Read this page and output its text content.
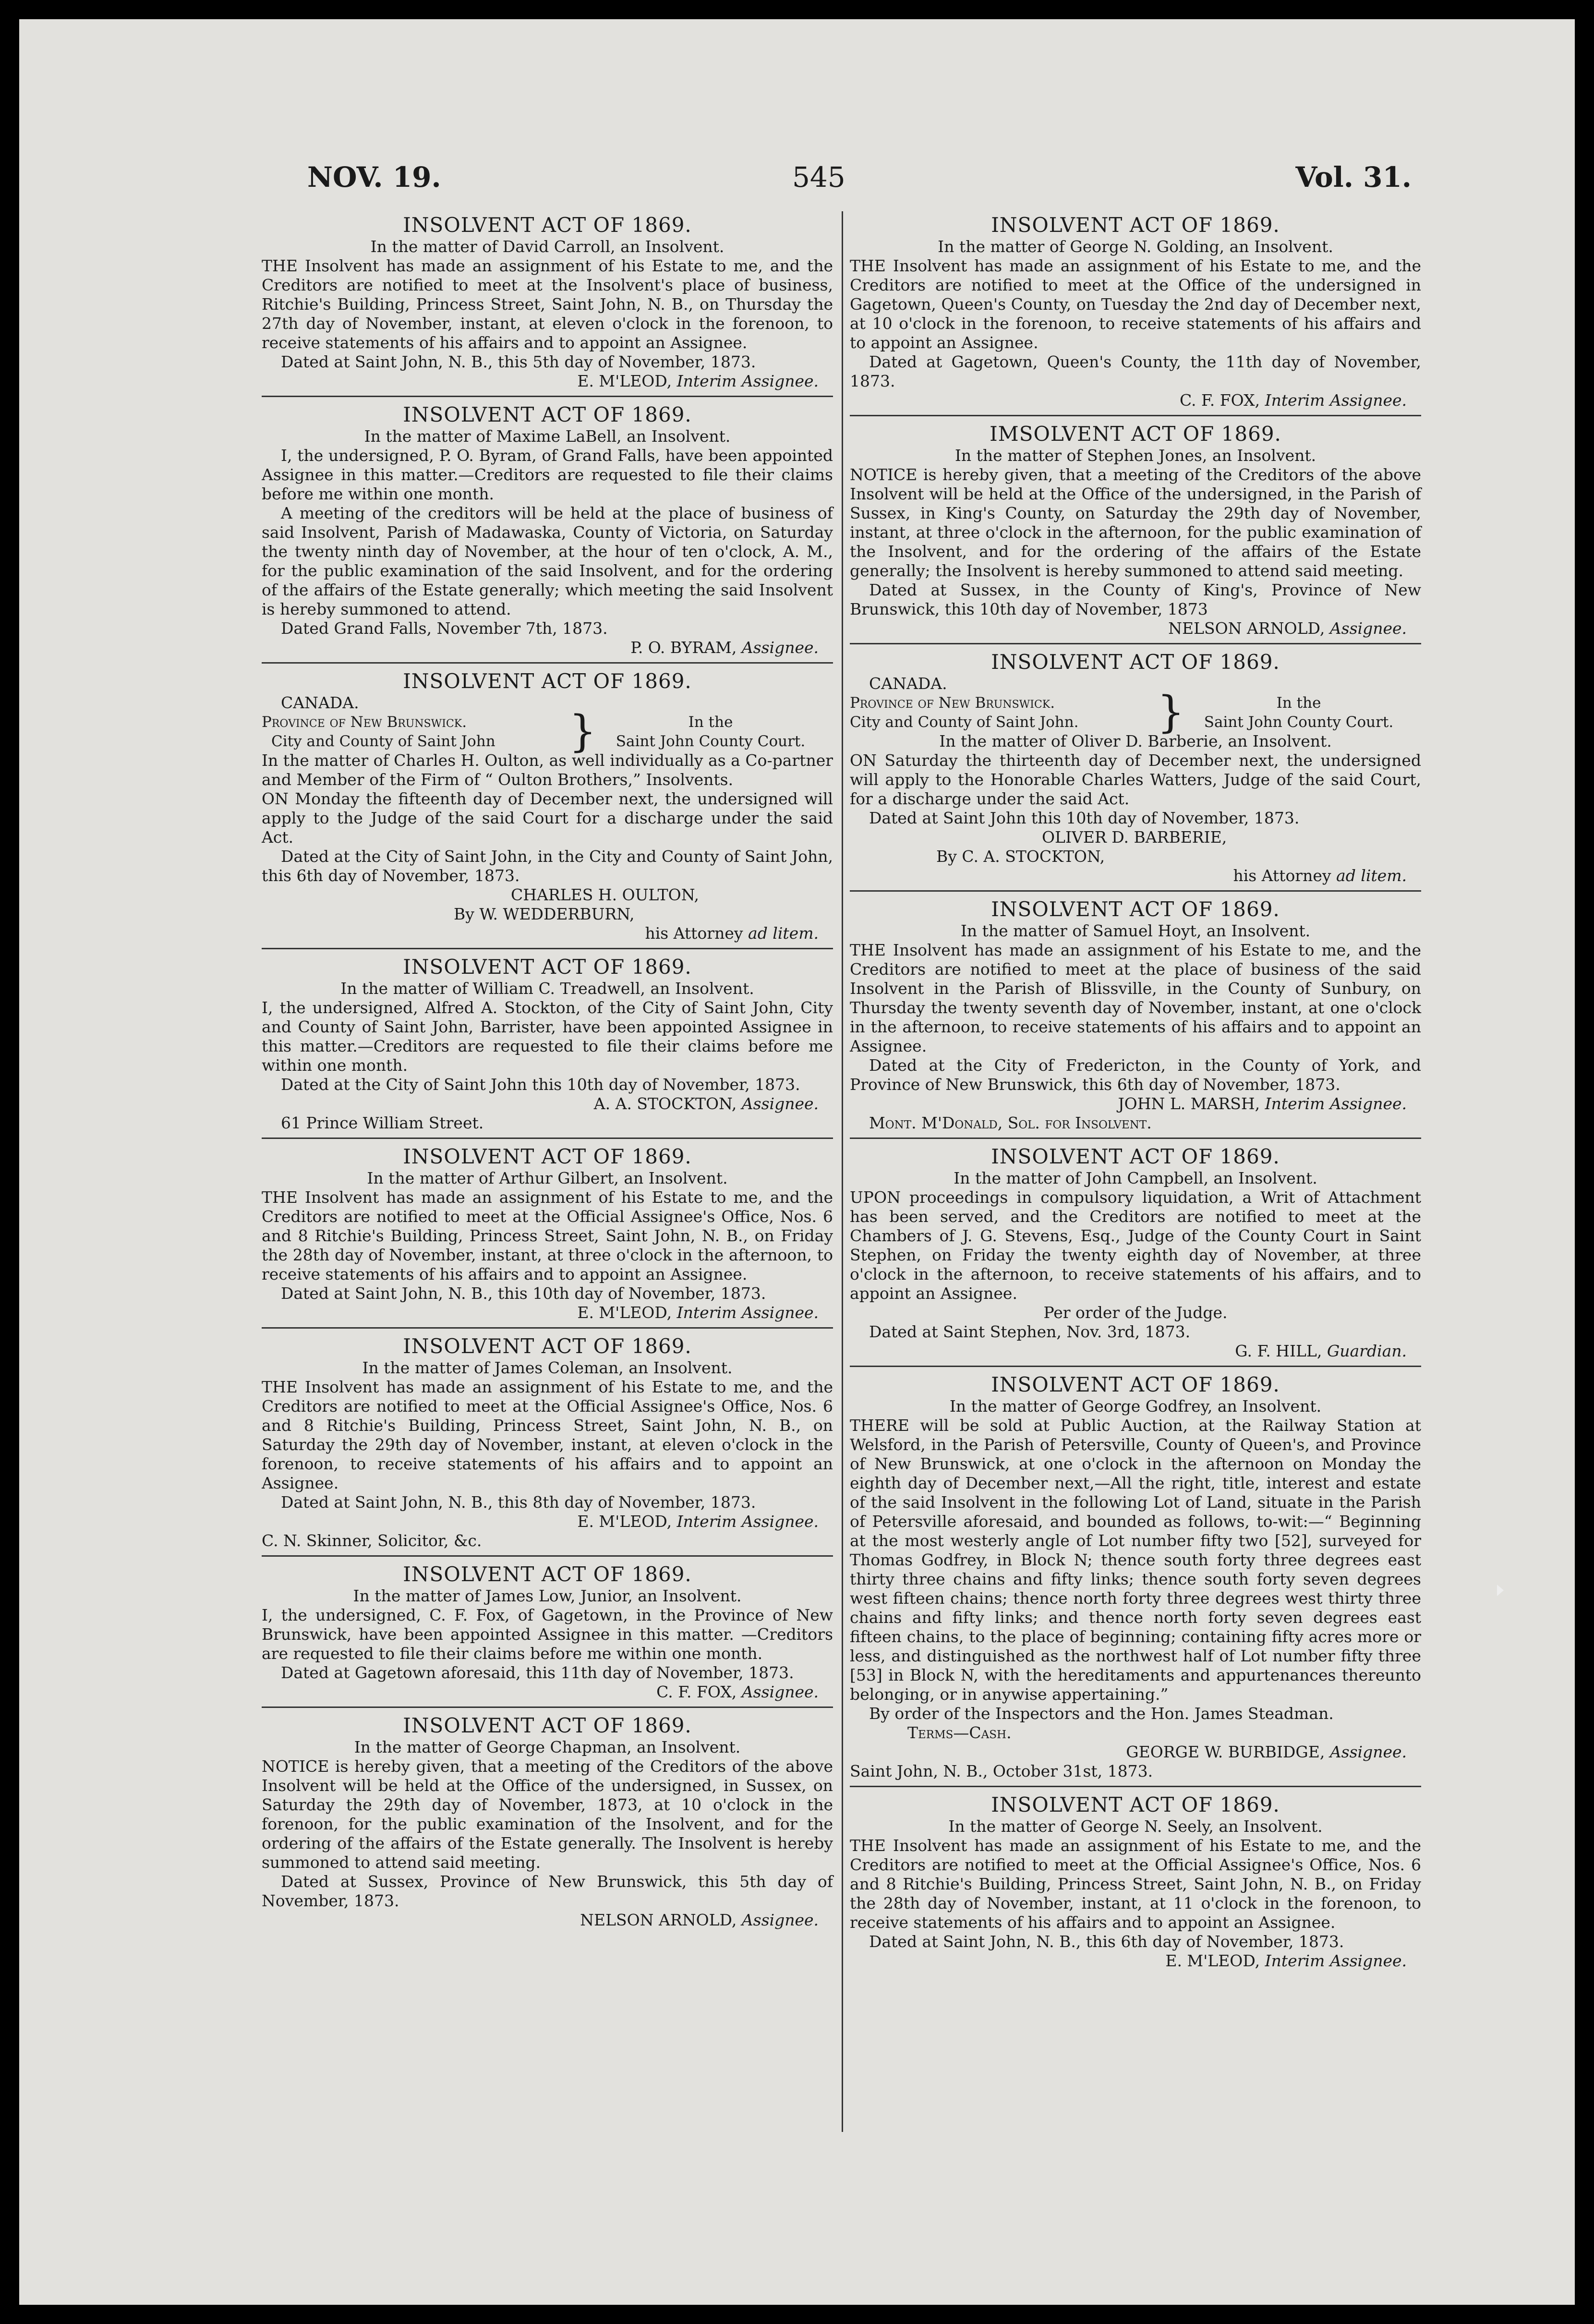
NOV. 19.	545	Vol. 31.
INSOLVENT ACT OF 1869.
In the matter of David Carroll, an Insolvent.
THE Insolvent has made an assignment of his Estate to me, and the Creditors are notified to meet at the Insolvent's place of business, Ritchie's Building, Princess Street, Saint John, N. B., on Thursday the 27th day of November, instant, at eleven o'clock in the forenoon, to receive statements of his affairs and to appoint an Assignee.
Dated at Saint John, N. B., this 5th day of November, 1873.
E. M'LEOD, Interim Assignee.
INSOLVENT ACT OF 1869.
In the matter of Maxime LaBell, an Insolvent.
I, the undersigned, P. O. Byram, of Grand Falls, have been appointed Assignee in this matter.—Creditors are requested to file their claims before me within one month.
A meeting of the creditors will be held at the place of business of said Insolvent, Parish of Madawaska, County of Victoria, on Saturday the twenty ninth day of November, at the hour of ten o'clock, A. M., for the public examination of the said Insolvent, and for the ordering of the affairs of the Estate generally; which meeting the said Insolvent is hereby summoned to attend.
Dated Grand Falls, November 7th, 1873.
P. O. BYRAM, Assignee.
INSOLVENT ACT OF 1869.
CANADA.
Province of New Brunswick.
City and County of Saint John	}	In the
Saint John County Court.
In the matter of Charles H. Oulton, as well individually as a Co-partner and Member of the Firm of “ Oulton Brothers,” Insolvents.
ON Monday the fifteenth day of December next, the undersigned will apply to the Judge of the said Court for a discharge under the said Act.
Dated at the City of Saint John, in the City and County of Saint John, this 6th day of November, 1873.
CHARLES H. OULTON,
By W. WEDDERBURN,
his Attorney ad litem.
INSOLVENT ACT OF 1869.
In the matter of William C. Treadwell, an Insolvent.
I, the undersigned, Alfred A. Stockton, of the City of Saint John, City and County of Saint John, Barrister, have been appointed Assignee in this matter.—Creditors are requested to file their claims before me within one month.
Dated at the City of Saint John this 10th day of November, 1873.
A. A. STOCKTON, Assignee.
61 Prince William Street.
INSOLVENT ACT OF 1869.
In the matter of Arthur Gilbert, an Insolvent.
THE Insolvent has made an assignment of his Estate to me, and the Creditors are notified to meet at the Official Assignee's Office, Nos. 6 and 8 Ritchie's Building, Princess Street, Saint John, N. B., on Friday the 28th day of November, instant, at three o'clock in the afternoon, to receive statements of his affairs and to appoint an Assignee.
Dated at Saint John, N. B., this 10th day of November, 1873.
E. M'LEOD, Interim Assignee.
INSOLVENT ACT OF 1869.
In the matter of James Coleman, an Insolvent.
THE Insolvent has made an assignment of his Estate to me, and the Creditors are notified to meet at the Official Assignee's Office, Nos. 6 and 8 Ritchie's Building, Princess Street, Saint John, N. B., on Saturday the 29th day of November, instant, at eleven o'clock in the forenoon, to receive statements of his affairs and to appoint an Assignee.
Dated at Saint John, N. B., this 8th day of November, 1873.
E. M'LEOD, Interim Assignee.
C. N. Skinner, Solicitor, &c.
INSOLVENT ACT OF 1869.
In the matter of James Low, Junior, an Insolvent.
I, the undersigned, C. F. Fox, of Gagetown, in the Province of New Brunswick, have been appointed Assignee in this matter. —Creditors are requested to file their claims before me within one month.
Dated at Gagetown aforesaid, this 11th day of November, 1873.
C. F. FOX, Assignee.
INSOLVENT ACT OF 1869.
In the matter of George Chapman, an Insolvent.
NOTICE is hereby given, that a meeting of the Creditors of the above Insolvent will be held at the Office of the undersigned, in Sussex, on Saturday the 29th day of November, 1873, at 10 o'clock in the forenoon, for the public examination of the Insolvent, and for the ordering of the affairs of the Estate generally. The Insolvent is hereby summoned to attend said meeting.
Dated at Sussex, Province of New Brunswick, this 5th day of November, 1873.
NELSON ARNOLD, Assignee.
INSOLVENT ACT OF 1869.
In the matter of George N. Golding, an Insolvent.
THE Insolvent has made an assignment of his Estate to me, and the Creditors are notified to meet at the Office of the undersigned in Gagetown, Queen's County, on Tuesday the 2nd day of December next, at 10 o'clock in the forenoon, to receive statements of his affairs and to appoint an Assignee.
Dated at Gagetown, Queen's County, the 11th day of November, 1873.
C. F. FOX, Interim Assignee.
IMSOLVENT ACT OF 1869.
In the matter of Stephen Jones, an Insolvent.
NOTICE is hereby given, that a meeting of the Creditors of the above Insolvent will be held at the Office of the undersigned, in the Parish of Sussex, in King's County, on Saturday the 29th day of November, instant, at three o'clock in the afternoon, for the public examination of the Insolvent, and for the ordering of the affairs of the Estate generally; the Insolvent is hereby summoned to attend said meeting.
Dated at Sussex, in the County of King's, Province of New Brunswick, this 10th day of November, 1873
NELSON ARNOLD, Assignee.
INSOLVENT ACT OF 1869.
CANADA.
Province of New Brunswick.
City and County of Saint John.	}	In the
Saint John County Court.
In the matter of Oliver D. Barberie, an Insolvent.
ON Saturday the thirteenth day of December next, the undersigned will apply to the Honorable Charles Watters, Judge of the said Court, for a discharge under the said Act.
Dated at Saint John this 10th day of November, 1873.
OLIVER D. BARBERIE,
By C. A. STOCKTON,
his Attorney ad litem.
INSOLVENT ACT OF 1869.
In the matter of Samuel Hoyt, an Insolvent.
THE Insolvent has made an assignment of his Estate to me, and the Creditors are notified to meet at the place of business of the said Insolvent in the Parish of Blissville, in the County of Sunbury, on Thursday the twenty seventh day of November, instant, at one o'clock in the afternoon, to receive statements of his affairs and to appoint an Assignee.
Dated at the City of Fredericton, in the County of York, and Province of New Brunswick, this 6th day of November, 1873.
JOHN L. MARSH, Interim Assignee.
Mont. M'Donald, Sol. for Insolvent.
INSOLVENT ACT OF 1869.
In the matter of John Campbell, an Insolvent.
UPON proceedings in compulsory liquidation, a Writ of Attachment has been served, and the Creditors are notified to meet at the Chambers of J. G. Stevens, Esq., Judge of the County Court in Saint Stephen, on Friday the twenty eighth day of November, at three o'clock in the afternoon, to receive statements of his affairs, and to appoint an Assignee.
Per order of the Judge.
Dated at Saint Stephen, Nov. 3rd, 1873.
G. F. HILL, Guardian.
INSOLVENT ACT OF 1869.
In the matter of George Godfrey, an Insolvent.
THERE will be sold at Public Auction, at the Railway Station at Welsford, in the Parish of Petersville, County of Queen's, and Province of New Brunswick, at one o'clock in the afternoon on Monday the eighth day of December next,—All the right, title, interest and estate of the said Insolvent in the following Lot of Land, situate in the Parish of Petersville aforesaid, and bounded as follows, to-wit:—“ Beginning at the most westerly angle of Lot number fifty two [52], surveyed for Thomas Godfrey, in Block N; thence south forty three degrees east thirty three chains and fifty links; thence south forty seven degrees west fifteen chains; thence north forty three degrees west thirty three chains and fifty links; and thence north forty seven degrees east fifteen chains, to the place of beginning; containing fifty acres more or less, and distinguished as the northwest half of Lot number fifty three [53] in Block N, with the hereditaments and appurtenances thereunto belonging, or in anywise appertaining.”
By order of the Inspectors and the Hon. James Steadman.
Terms—Cash.
GEORGE W. BURBIDGE, Assignee.
Saint John, N. B., October 31st, 1873.
INSOLVENT ACT OF 1869.
In the matter of George N. Seely, an Insolvent.
THE Insolvent has made an assignment of his Estate to me, and the Creditors are notified to meet at the Official Assignee's Office, Nos. 6 and 8 Ritchie's Building, Princess Street, Saint John, N. B., on Friday the 28th day of November, instant, at 11 o'clock in the forenoon, to receive statements of his affairs and to appoint an Assignee.
Dated at Saint John, N. B., this 6th day of November, 1873.
E. M'LEOD, Interim Assignee.
